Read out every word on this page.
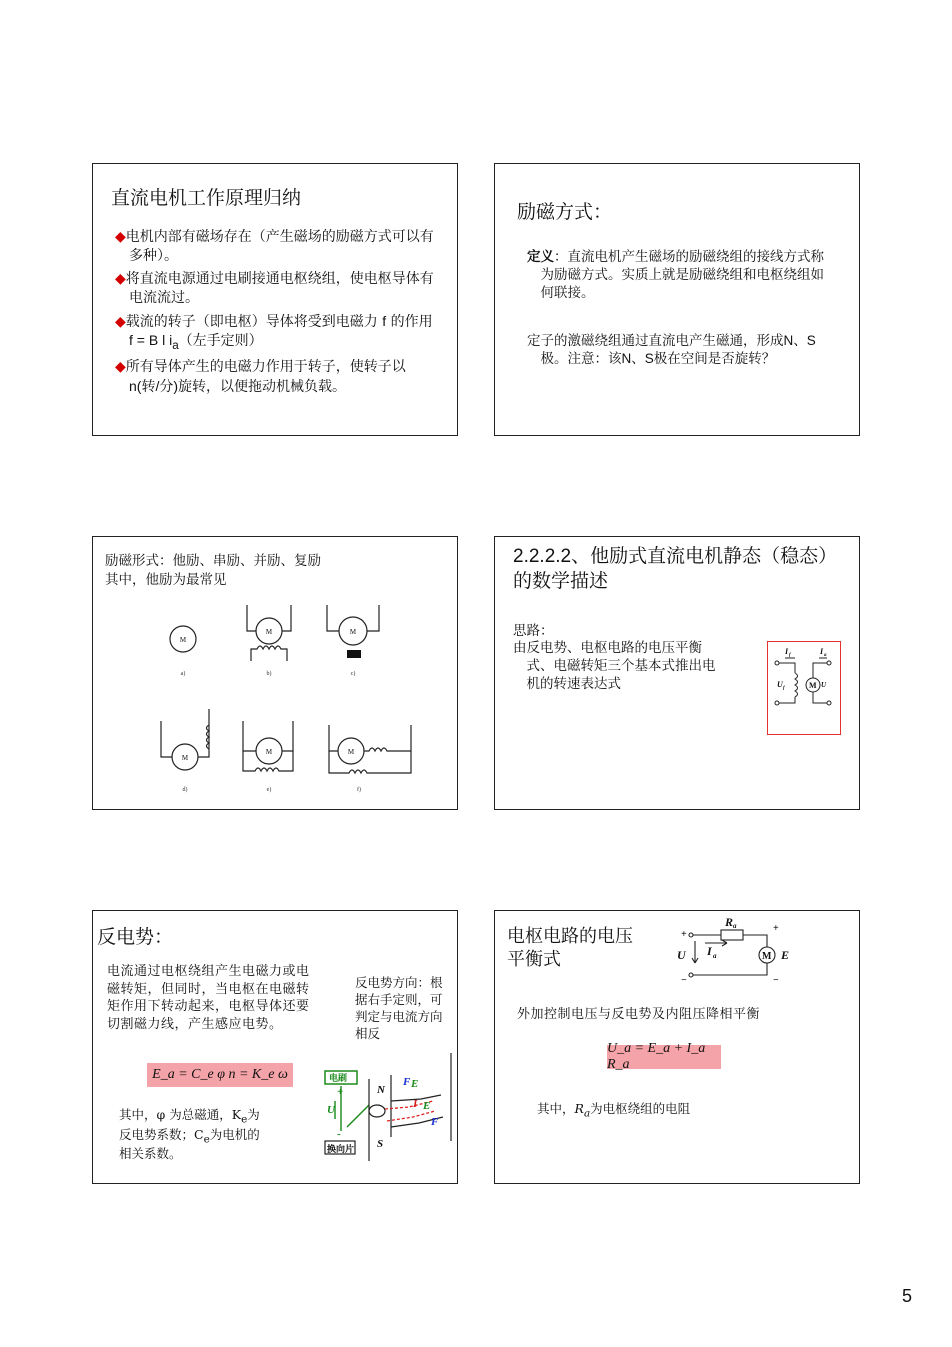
直流电机工作原理归纳

◆电机内部有磁场存在（产生磁场的励磁方式可以有多种）。

◆将直流电源通过电刷接通电枢绕组，使电枢导体有电流流过。

◆载流的转子（即电枢）导体将受到电磁力 f 的作用 f = B l $i_a$（左手定则）

◆所有导体产生的电磁力作用于转子，使转子以n(转/分)旋转，以便拖动机械负载。

励磁方式：

定义：直流电机产生磁场的励磁绕组的接线方式称为励磁方式。实质上就是励磁绕组和电枢绕组如何联接。

定子的激磁绕组通过直流电产生磁通，形成N、S极。注意：该N、S极在空间是否旋转？

励磁形式：他励、串励、并励、复励
其中，他励为最常见
M
M	M
M
M	M
a)	b)	c)
d)	e)	f)
2.2.2.2、他励式直流电机静态（稳态）的数学描述
思路：

由反电势、电枢电路的电压平衡式、电磁转矩三个基本式推出电机的转速表达式

I f	I a
U f	U
M
反电势：

电流通过电枢绕组产生电磁力或电磁转矩，但同时，当电枢在电磁转矩作用下转动起来，电枢导体还要切割磁力线，产生感应电势。

反电势方向：根据右手定则，可判定与电流方向相反
E_a = C_e φ n = K_e ω
其中，φ 为总磁通，$K_e$为
反电势系数；$C_e$为电机的
相关系数。
电刷
换向片
N
S
U
+
-
F E
I E
F
电枢电路的电压
平衡式
R a
I a
U	E
M
+
−
+
−
外加控制电压与反电势及内阻压降相平衡
U_a = E_a + I_a R_a
其中，$R_a$为电枢绕组的电阻
5
